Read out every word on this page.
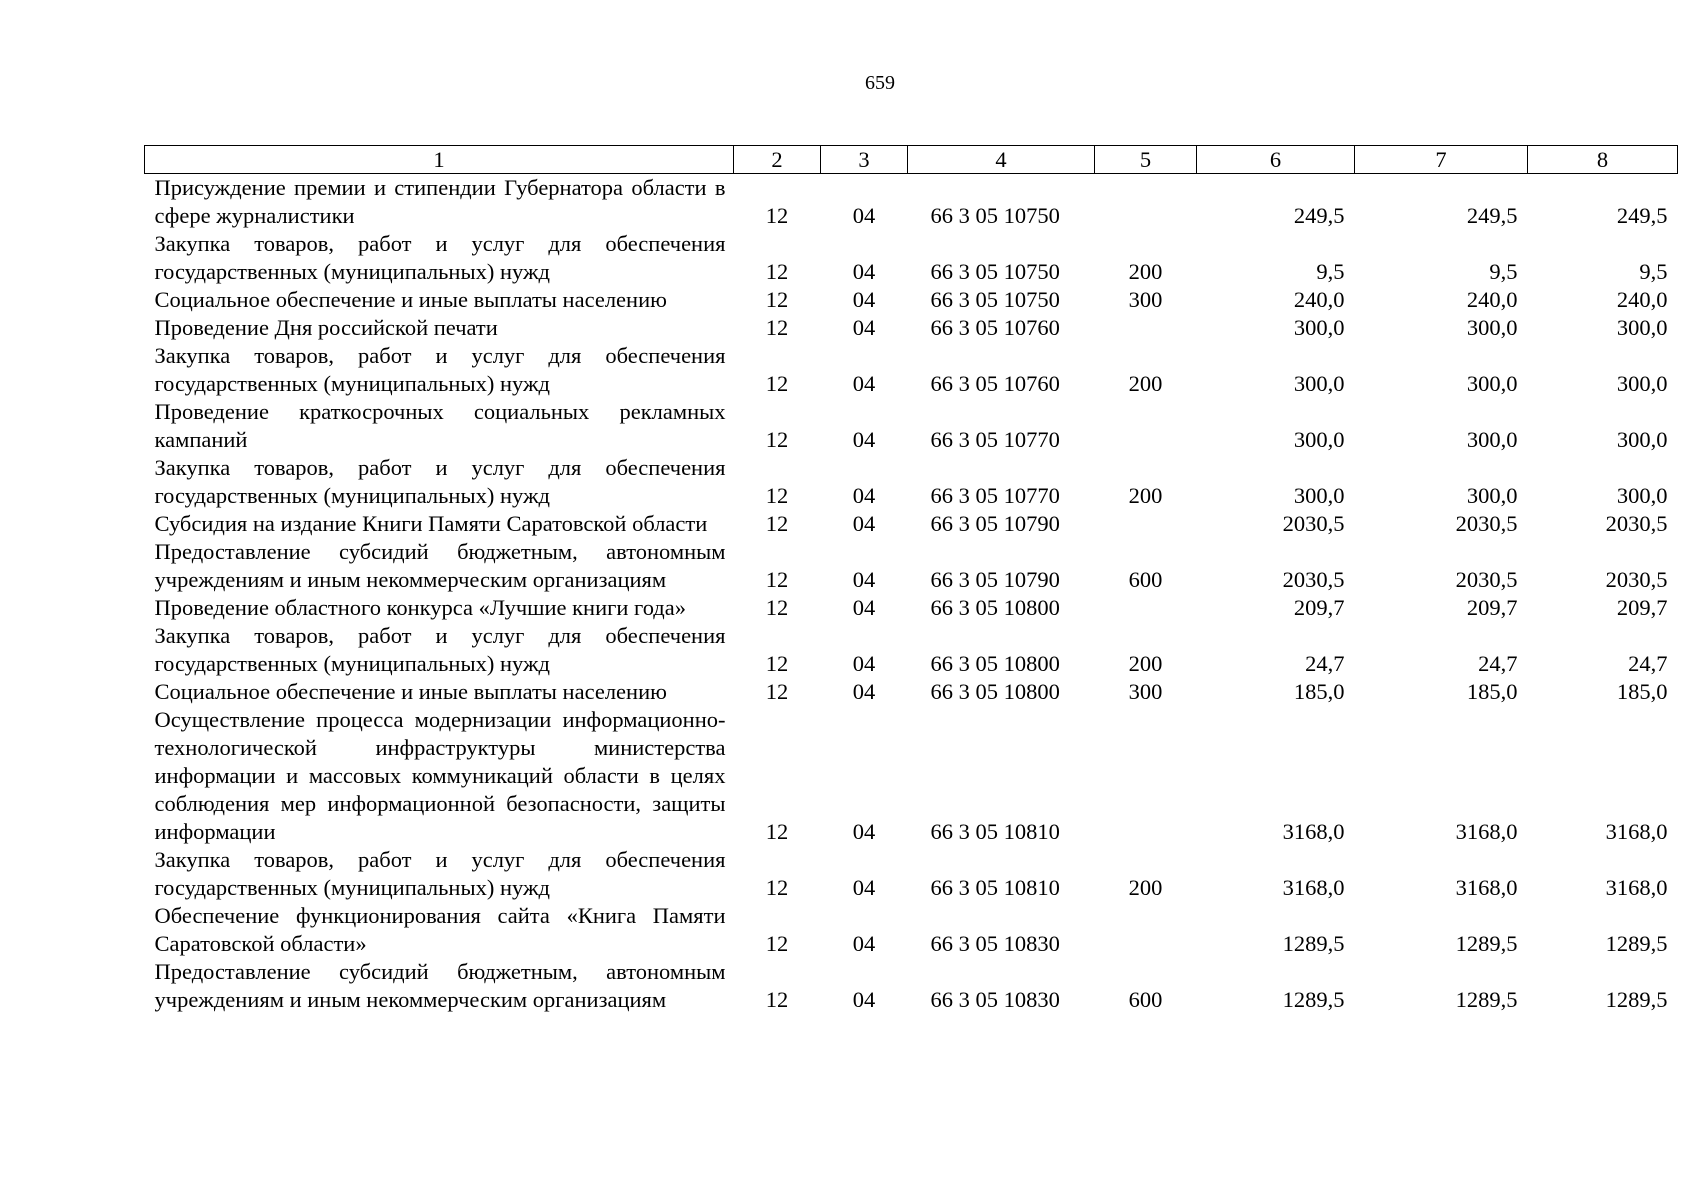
659
1	2	3	4	5	6	7	8
Присуждение премии и стипендии Губернатора области в сфере журналистики	12	04	66 3 05 10750		249,5	249,5	249,5
Закупка товаров, работ и услуг для обеспечения государственных (муниципальных) нужд	12	04	66 3 05 10750	200	9,5	9,5	9,5
Социальное обеспечение и иные выплаты населению	12	04	66 3 05 10750	300	240,0	240,0	240,0
Проведение Дня российской печати	12	04	66 3 05 10760		300,0	300,0	300,0
Закупка товаров, работ и услуг для обеспечения государственных (муниципальных) нужд	12	04	66 3 05 10760	200	300,0	300,0	300,0
Проведение краткосрочных социальных рекламных кампаний	12	04	66 3 05 10770		300,0	300,0	300,0
Закупка товаров, работ и услуг для обеспечения государственных (муниципальных) нужд	12	04	66 3 05 10770	200	300,0	300,0	300,0
Субсидия на издание Книги Памяти Саратовской области	12	04	66 3 05 10790		2030,5	2030,5	2030,5
Предоставление субсидий бюджетным, автономным учреждениям и иным некоммерческим организациям	12	04	66 3 05 10790	600	2030,5	2030,5	2030,5
Проведение областного конкурса «Лучшие книги года»	12	04	66 3 05 10800		209,7	209,7	209,7
Закупка товаров, работ и услуг для обеспечения государственных (муниципальных) нужд	12	04	66 3 05 10800	200	24,7	24,7	24,7
Социальное обеспечение и иные выплаты населению	12	04	66 3 05 10800	300	185,0	185,0	185,0
Осуществление процесса модернизации информационно-технологической инфраструктуры министерства информации и массовых коммуникаций области в целях соблюдения мер информационной безопасности, защиты информации	12	04	66 3 05 10810		3168,0	3168,0	3168,0
Закупка товаров, работ и услуг для обеспечения государственных (муниципальных) нужд	12	04	66 3 05 10810	200	3168,0	3168,0	3168,0
Обеспечение функционирования сайта «Книга Памяти Саратовской области»	12	04	66 3 05 10830		1289,5	1289,5	1289,5
Предоставление субсидий бюджетным, автономным учреждениям и иным некоммерческим организациям	12	04	66 3 05 10830	600	1289,5	1289,5	1289,5
